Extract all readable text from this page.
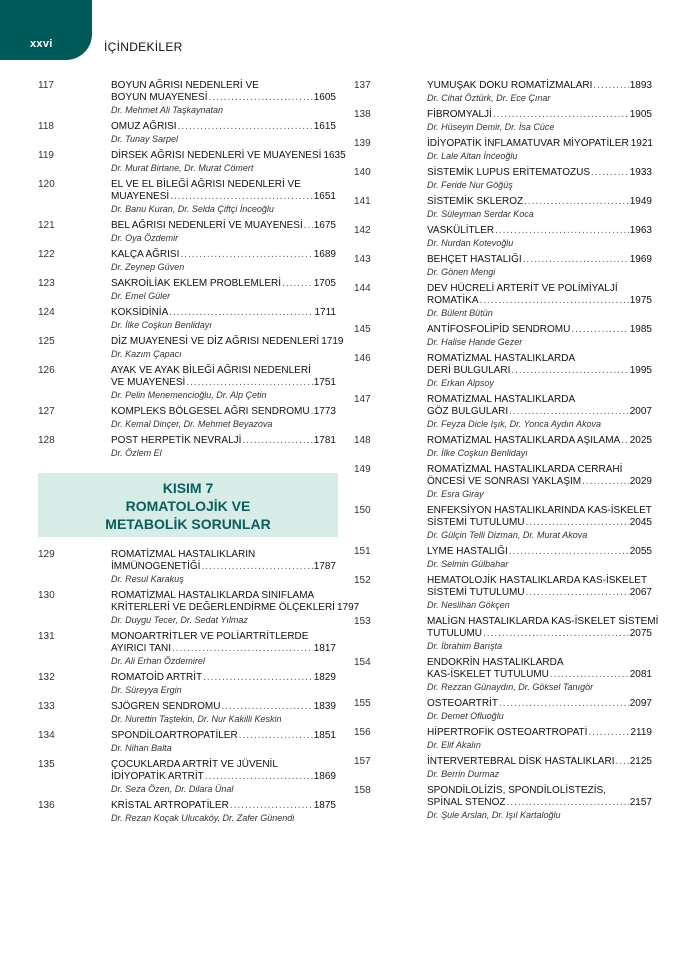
xxvi	İÇİNDEKİLER
117	BOYUN AĞRISI NEDENLERİ VE
BOYUN MUAYENESİ .....	1605
Dr. Mehmet Ali Taşkaynatan
118	OMUZ AĞRISI .....	1615
Dr. Tunay Sarpel
119	DİRSEK AĞRISI NEDENLERİ VE MUAYENESİ 1635
Dr. Murat Birtane, Dr. Murat Cömert
120	EL VE EL BİLEĞİ AĞRISI NEDENLERİ VE
MUAYENESİ .....	1651
Dr. Banu Kuran, Dr. Selda Çiftçi İnceoğlu
121	BEL AĞRISI NEDENLERİ VE MUAYENESİ ..... 1675
Dr. Oya Özdemir
122	KALÇA AĞRISI .....	1689
Dr. Zeynep Güven
123	SAKROİLİAK EKLEM PROBLEMLERİ .....	1705
Dr. Emel Güler
124	KOKSİDİNİA .....	1711
Dr. İlke Coşkun Benlidayı
125	DİZ MUAYENESİ VE DİZ AĞRISI NEDENLERİ 1719
Dr. Kazım Çapacı
126	AYAK VE AYAK BİLEĞİ AĞRISI NEDENLERİ
VE MUAYENESİ .....	1751
Dr. Pelin Menemencioğlu, Dr. Alp Çetin
127	KOMPLEKS BÖLGESEL AĞRI SENDROMU ..... 1773
Dr. Kemal Dinçer, Dr. Mehmet Beyazova
128	POST HERPETİK NEVRALJİ .....	1781
Dr. Özlem El
KISIM 7
ROMATOLOJİK VE
METABOLİK SORUNLAR
129	ROMATİZMAL HASTALIKLARIN
İMMÜNOGENETİĞİ .....	1787
Dr. Resul Karakuş
130	ROMATİZMAL HASTALIKLARDA SINIFLAMA
KRİTERLERİ VE DEĞERLENDİRME ÖLÇEKLERİ 1797
Dr. Duygu Tecer, Dr. Sedat Yılmaz
131	MONOARTRİTLER VE POLİARTRİTLERDE
AYIRICI TANI .....	1817
Dr. Ali Erhan Özdemirel
132	ROMATOİD ARTRİT .....	1829
Dr. Süreyya Ergin
133	SJÖGREN SENDROMU .....	1839
Dr. Nurettin Taştekin, Dr. Nur Kakilli Keskin
134	SPONDİLOARTROPATİLER .....	1851
Dr. Nihan Balta
135	ÇOCUKLARDA ARTRİT VE JÜVENİL
İDİYOPATİK ARTRİT .....	1869
Dr. Seza Özen, Dr. Dilara Ünal
136	KRİSTAL ARTROPATİLER .....	1875
Dr. Rezan Koçak Ulucaköy, Dr. Zafer Günendi
137	YUMUŞAK DOKU ROMATİZMALARI .....	1893
Dr. Cihat Öztürk, Dr. Ece Çınar
138	FİBROMYALJİ .....	1905
Dr. Hüseyin Demir, Dr. İsa Cüce
139	İDİYOPATİK İNFLAMATUVAR MİYOPATİLER 1921
Dr. Lale Altan İnceoğlu
140	SİSTEMİK LUPUS ERİTEMATOZUS .....	1933
Dr. Feride Nur Göğüş
141	SİSTEMİK SKLEROZ .....	1949
Dr. Süleyman Serdar Koca
142	VASKÜLİTLER .....	1963
Dr. Nurdan Kotevoğlu
143	BEHÇET HASTALIĞI .....	1969
Dr. Gönen Mengi
144	DEV HÜCRELİ ARTERİT VE POLİMİYALJİ
ROMATİKA .....	1975
Dr. Bülent Bütün
145	ANTİFOSFOLİPİD SENDROMU .....	1985
Dr. Halise Hande Gezer
146	ROMATİZMAL HASTALIKLARDA
DERİ BULGULARI .....	1995
Dr. Erkan Alpsoy
147	ROMATİZMAL HASTALIKLARDA
GÖZ BULGULARI .....	2007
Dr. Feyza Dicle Işık, Dr. Yonca Aydın Akova
148	ROMATİZMAL HASTALIKLARDA AŞILAMA ..... 2025
Dr. İlke Coşkun Benlidayı
149	ROMATİZMAL HASTALIKLARDA CERRAHİ
ÖNCESİ VE SONRASI YAKLAŞIM .....	2029
Dr. Esra Giray
150	ENFEKSİYON HASTALIKLARINDA KAS-İSKELET
SİSTEMİ TUTULUMU .....	2045
Dr. Gülçin Telli Dizman, Dr. Murat Akova
151	LYME HASTALIĞI .....	2055
Dr. Selmin Gülbahar
152	HEMATOLOJİK HASTALIKLARDA KAS-İSKELET
SİSTEMİ TUTULUMU .....	2067
Dr. Neslihan Gökçen
153	MALİGN HASTALIKLARDA KAS-İSKELET SİSTEMİ
TUTULUMU .....	2075
Dr. İbrahim Barışta
154	ENDOKRİN HASTALIKLARDA
KAS-İSKELET TUTULUMU .....	2081
Dr. Rezzan Günaydın, Dr. Göksel Tanıgör
155	OSTEOARTRİT .....	2097
Dr. Demet Ofluoğlu
156	HİPERTROFİK OSTEOARTROPATİ .....	2119
Dr. Elif Akalın
157	İNTERVERTEBRAL DİSK HASTALIKLARI ..... 2125
Dr. Berrin Durmaz
158	SPONDİLOLİZİS, SPONDİLOLİSTEZİS,
SPİNAL STENOZ .....	2157
Dr. Şule Arslan, Dr. Işıl Kartaloğlu
